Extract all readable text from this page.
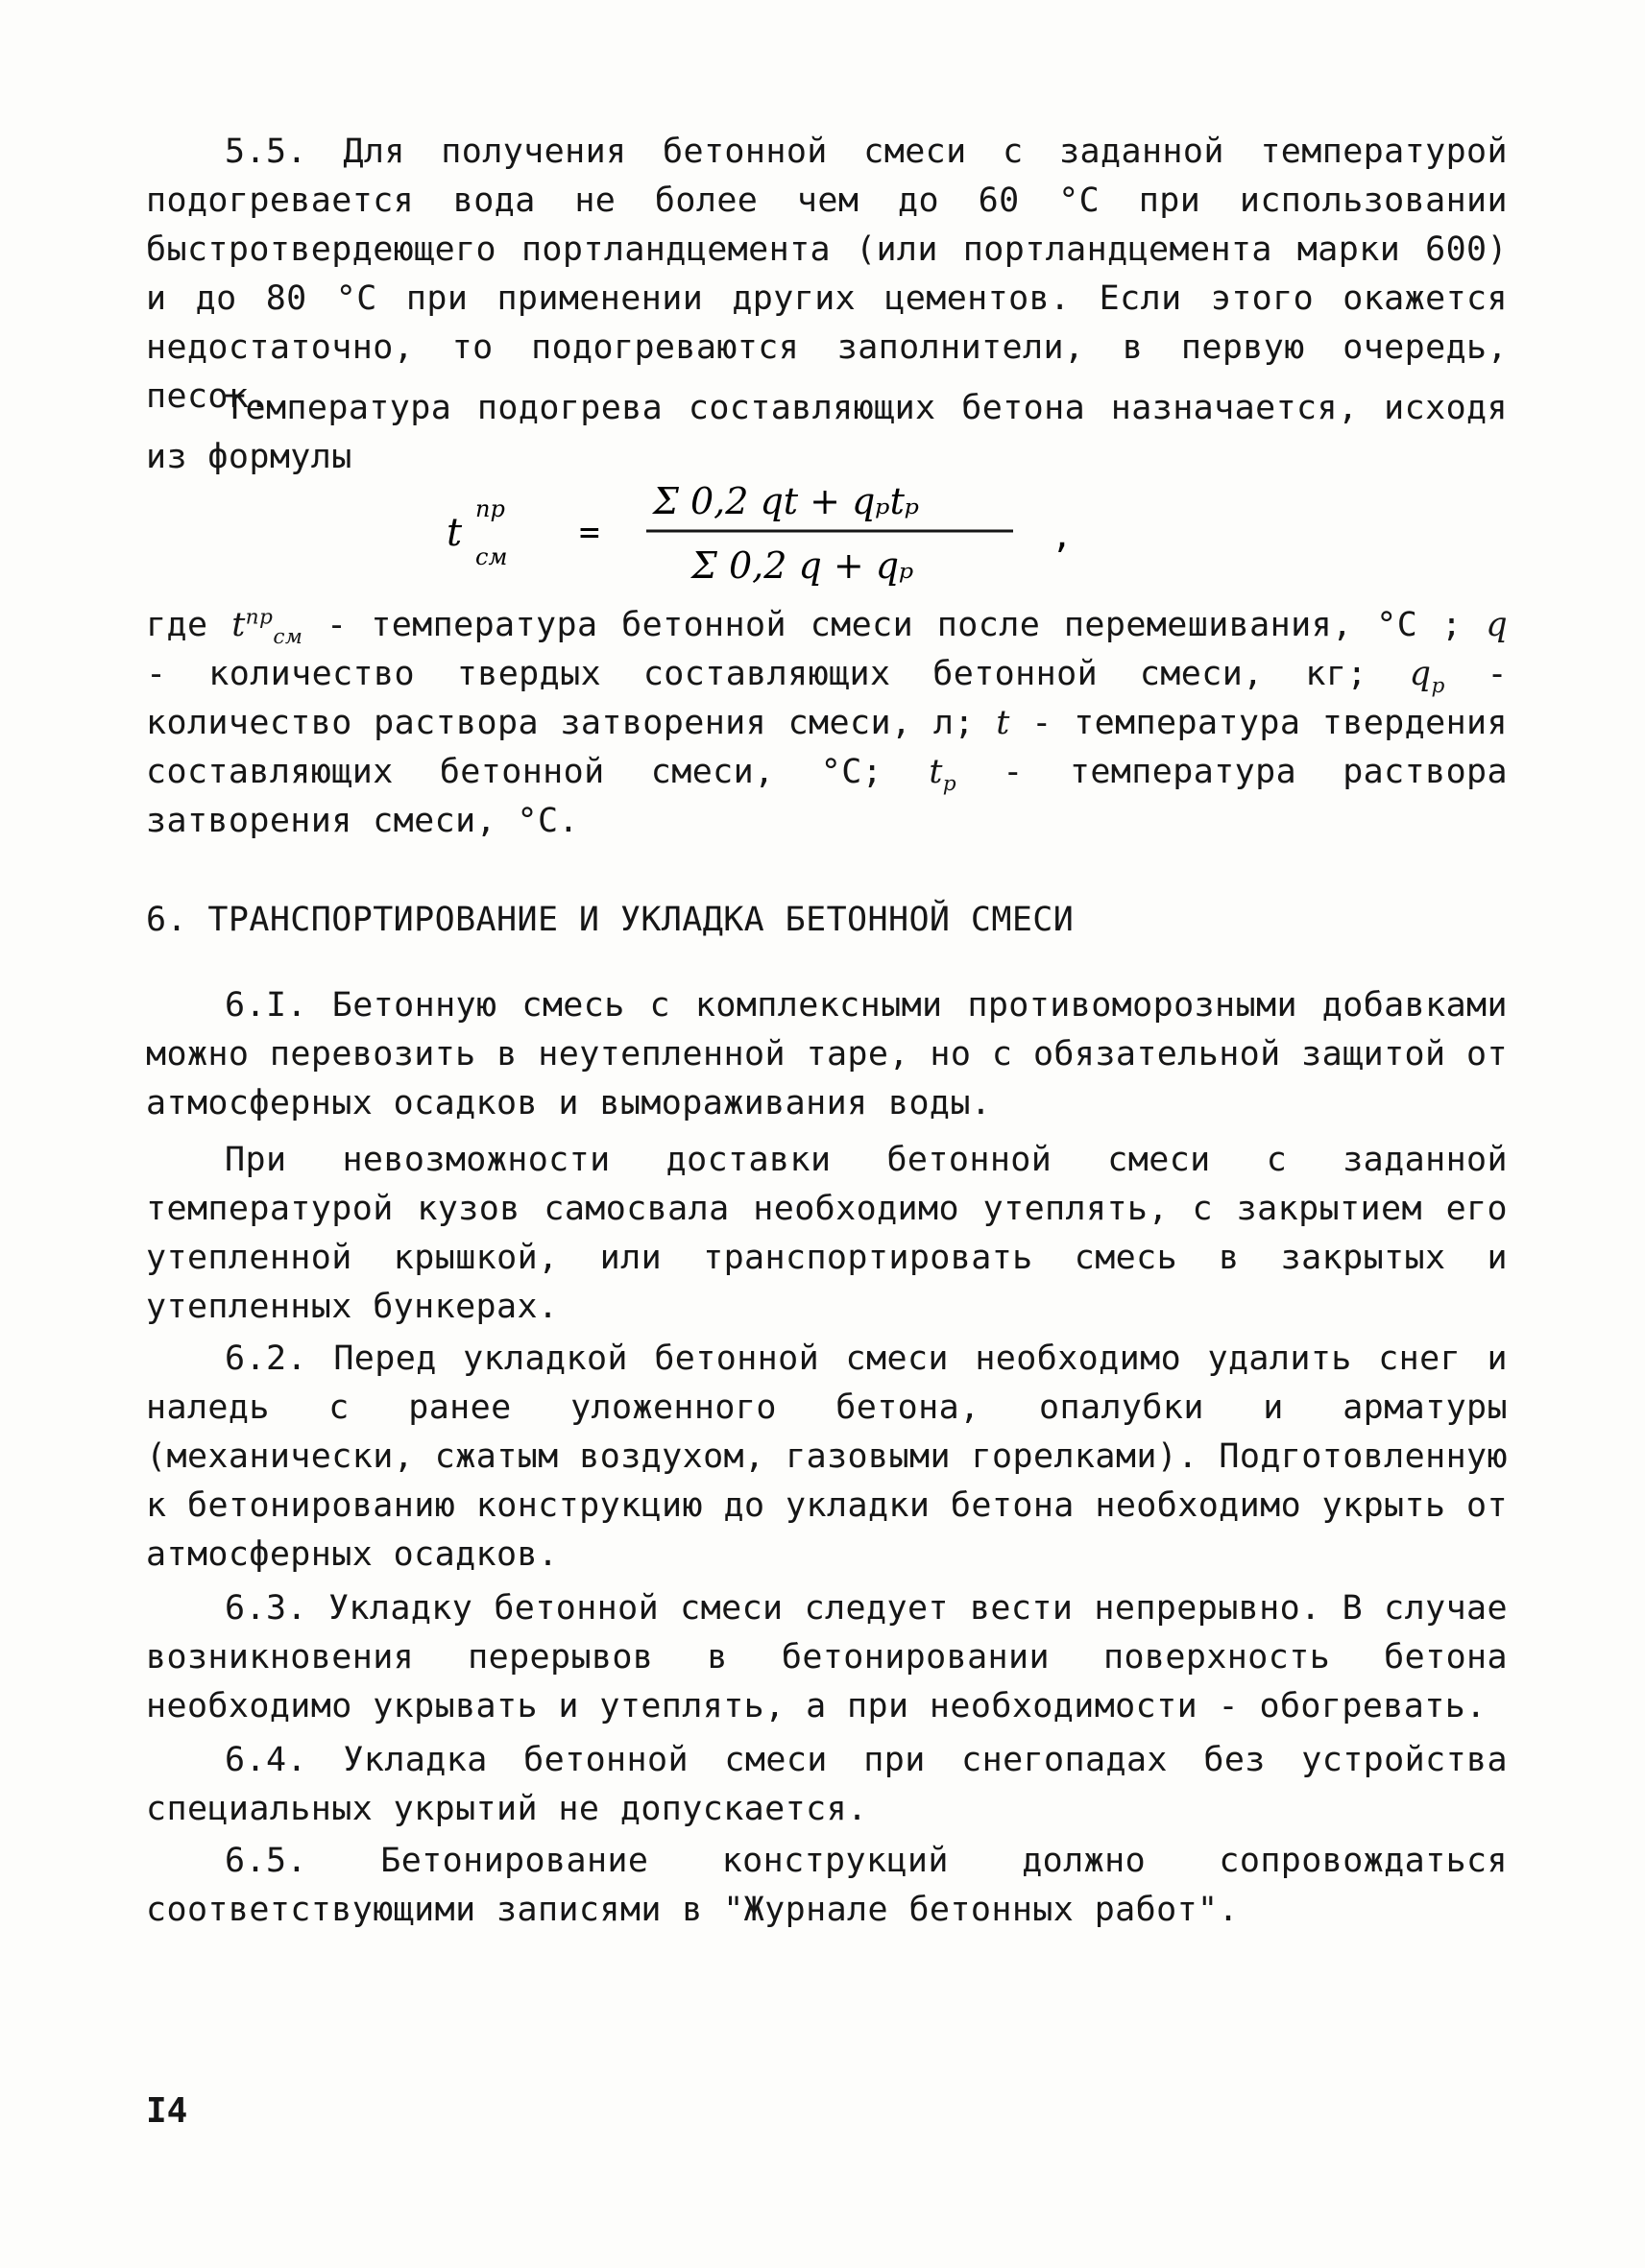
5.5. Для получения бетонной смеси с заданной температурой подогревается вода не более чем до 60 °С при использовании быстротвердеющего портландцемента (или портландцемента марки 600) и до 80 °С при применении других цементов. Если этого окажется недостаточно, то подогреваются заполнители, в первую очередь, песок.

Температура подогрева составляющих бетона назначается, исходя из формулы

t
пр
см
=
Σ 0,2 qt + qₚtₚ
Σ 0,2 q + qₚ
,

где $t^{пр}_{см}$ - температура бетонной смеси после перемешивания, °С ; q - количество твердых составляющих бетонной смеси, кг; $q_р$ - количество раствора затворения смеси, л; t - температура твердения составляющих бетонной смеси, °С; $t_р$ - температура раствора затворения смеси, °С.

6. ТРАНСПОРТИРОВАНИЕ И УКЛАДКА БЕТОННОЙ СМЕСИ

6.I. Бетонную смесь с комплексными противоморозными добавками можно перевозить в неутепленной таре, но с обязательной защитой от атмосферных осадков и вымораживания воды.

При невозможности доставки бетонной смеси с заданной температурой кузов самосвала необходимо утеплять, с закрытием его утепленной крышкой, или транспортировать смесь в закрытых и утепленных бункерах.

6.2. Перед укладкой бетонной смеси необходимо удалить снег и наледь с ранее уложенного бетона, опалубки и арматуры (механически, сжатым воздухом, газовыми горелками). Подготовленную к бетонированию конструкцию до укладки бетона необходимо укрыть от атмосферных осадков.

6.3. Укладку бетонной смеси следует вести непрерывно. В случае возникновения перерывов в бетонировании поверхность бетона необходимо укрывать и утеплять, а при необходимости - обогревать.

6.4. Укладка бетонной смеси при снегопадах без устройства специальных укрытий не допускается.

6.5. Бетонирование конструкций должно сопровождаться соответствующими записями в "Журнале бетонных работ".

I4
